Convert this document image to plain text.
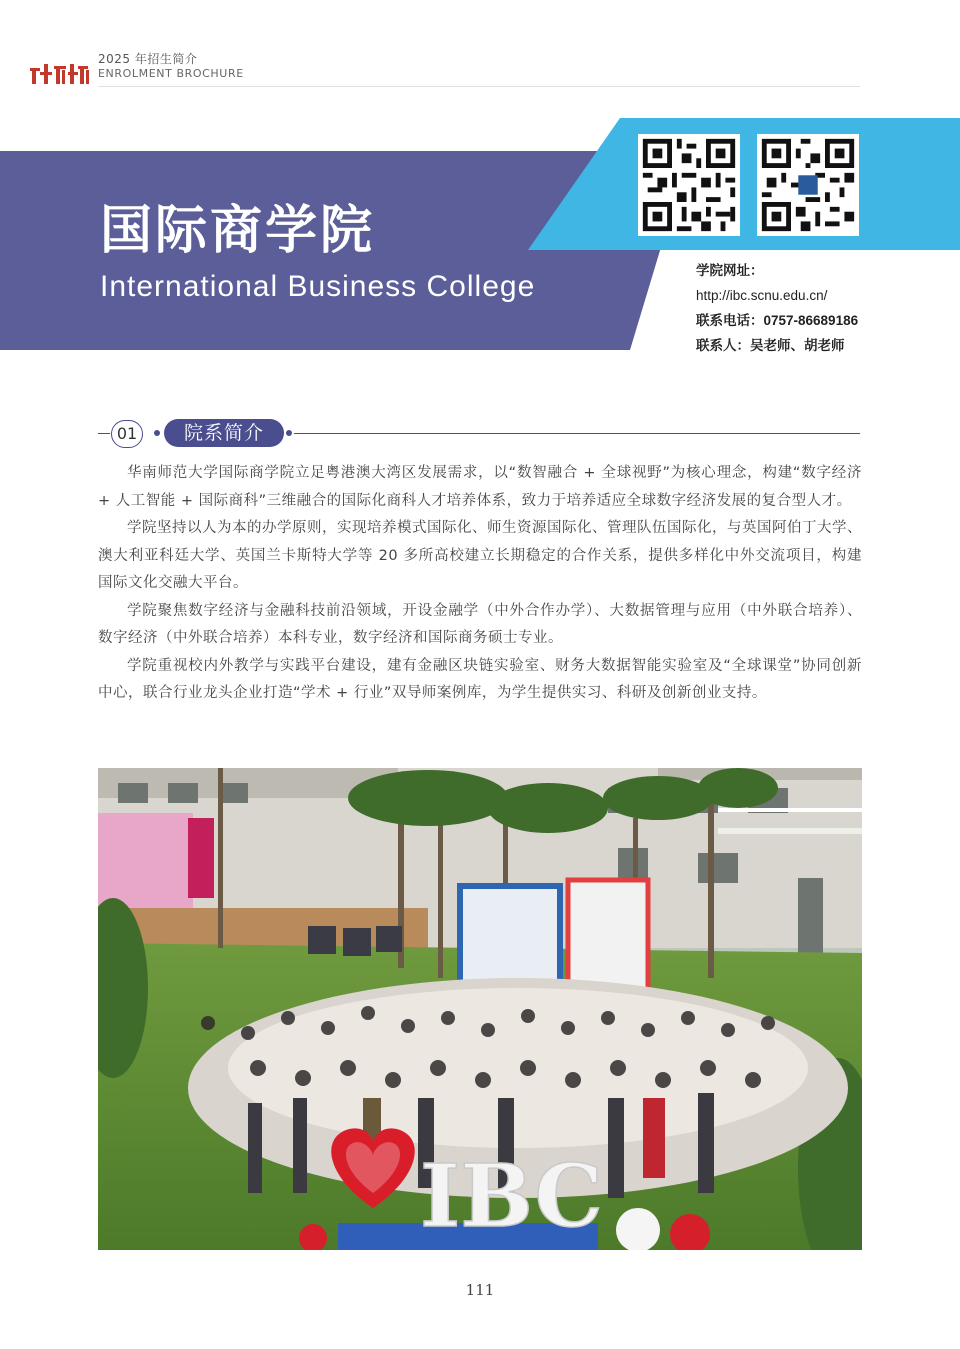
2025 年招生简介
ENROLMENT BROCHURE
国际商学院
International Business College	学院网址：
http://ibc.scnu.edu.cn/
联系电话：0757-86689186
联系人：吴老师、胡老师
01	院系简介

华南师范大学国际商学院立足粤港澳大湾区发展需求，以“数智融合 + 全球视野”为核心理念，构建“数字经济 + 人工智能 + 国际商科”三维融合的国际化商科人才培养体系，致力于培养适应全球数字经济发展的复合型人才。

学院坚持以人为本的办学原则，实现培养模式国际化、师生资源国际化、管理队伍国际化，与英国阿伯丁大学、澳大利亚科廷大学、英国兰卡斯特大学等 20 多所高校建立长期稳定的合作关系，提供多样化中外交流项目，构建国际文化交融大平台。

学院聚焦数字经济与金融科技前沿领域，开设金融学（中外合作办学）、大数据管理与应用（中外联合培养）、数字经济（中外联合培养）本科专业，数字经济和国际商务硕士专业。

学院重视校内外教学与实践平台建设，建有金融区块链实验室、财务大数据智能实验室及“全球课堂”协同创新中心，联合行业龙头企业打造“学术 + 行业”双导师案例库，为学生提供实习、科研及创新创业支持。

IBC
111
